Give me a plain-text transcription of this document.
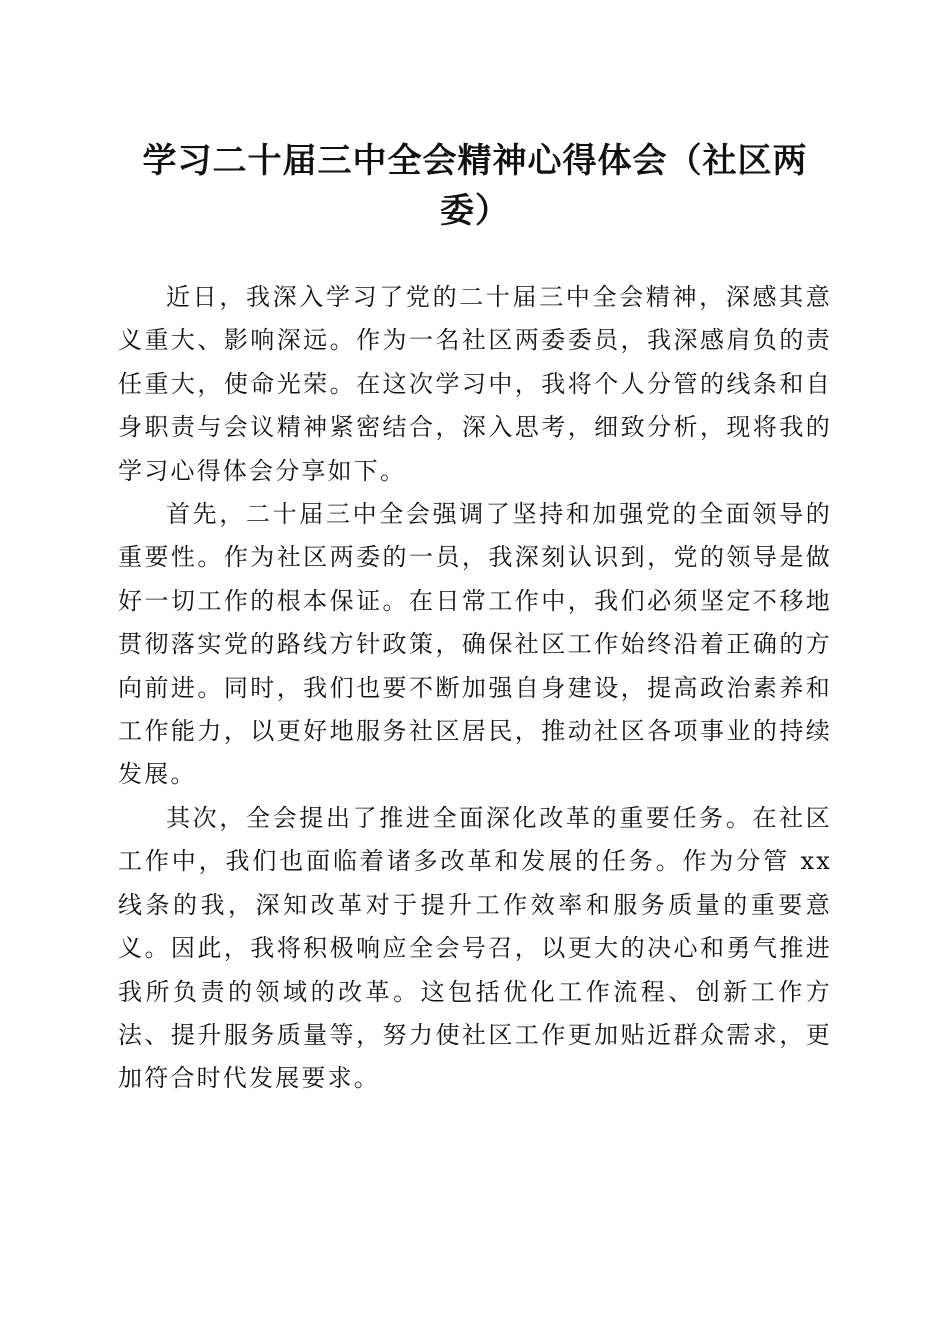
学习二十届三中全会精神心得体会（社区两委）

近日，我深入学习了党的二十届三中全会精神，深感其意义重大、影响深远。作为一名社区两委委员，我深感肩负的责任重大，使命光荣。在这次学习中，我将个人分管的线条和自身职责与会议精神紧密结合，深入思考，细致分析，现将我的学习心得体会分享如下。

首先，二十届三中全会强调了坚持和加强党的全面领导的重要性。作为社区两委的一员，我深刻认识到，党的领导是做好一切工作的根本保证。在日常工作中，我们必须坚定不移地贯彻落实党的路线方针政策，确保社区工作始终沿着正确的方向前进。同时，我们也要不断加强自身建设，提高政治素养和工作能力，以更好地服务社区居民，推动社区各项事业的持续发展。

其次，全会提出了推进全面深化改革的重要任务。在社区工作中，我们也面临着诸多改革和发展的任务。作为分管 xx 线条的我，深知改革对于提升工作效率和服务质量的重要意义。因此，我将积极响应全会号召，以更大的决心和勇气推进我所负责的领域的改革。这包括优化工作流程、创新工作方法、提升服务质量等，努力使社区工作更加贴近群众需求，更加符合时代发展要求。
